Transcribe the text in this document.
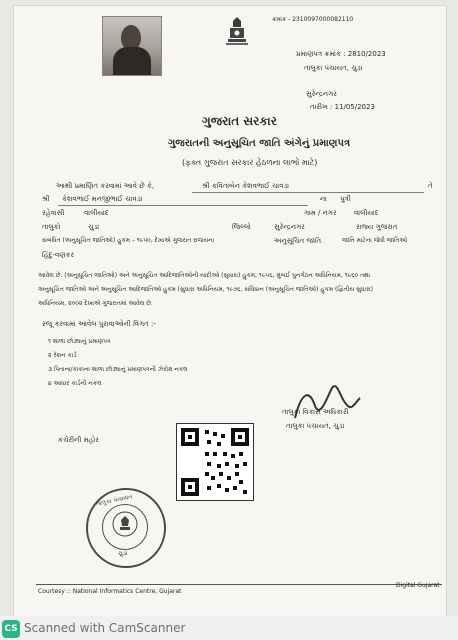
ક્રમાંક - 2310097000082110
પ્રમાણપત્ર ક્રમાંક : 2810/2023
તાલુકા પંચાયત, ચુડા
સુરેન્દ્રનગર
તારીખ : 11/05/2023
ગુજરાત સરકાર
ગુજરાતની અનુસૂચિત જાતિ અંગેનું પ્રમાણપત્ર
(ફક્ત ગુજરાત સરકાર હેઠળના લાભો માટે)
આથી પ્રમાણિત કરવામાં આવે છે કે,	શ્રી કવિતાબેન કેશવભાઈ ચાવડા	તે
શ્રી કેશવભાઈ મનજીભાઈ ચાવડા	ના પુત્રી
રહેવાસી	વાલીયાદ	ગામ / નગર વાલીયાદ
તાલુકો	ચુડા	જિલ્લો	સુરેન્દ્રનગર	રાજ્ય ગુજરાત
સંબંધિત (અનુસૂચિત જાતિઓ) હુકમ – ૧૯૫૦, દેખાએ ગુજરાત રાજયના	અનુસૂચિત જાતિ	જાતિ માટેના જેવી જાતિઓ
હિંદુ-વણકર
આવેલ છે. (અનુસૂચિત જાતિઓ) અને અનુસૂચિત આદિજાતિઓની યાદીઓ (સુધારા) હુકમ, ૧૯૫૬, મુંબઈ પુનર્ગઠન અધિનિયમ, ૧૯૬૦ તથા
અનુસૂચિત જાતિઓ અને અનુસૂચિત આદિજાતિઓ હુકમ (સુધારા અધિનિયમ, ૧૯૭૬, સંવિધાન (અનુસૂચિત જાતિઓ) હુકમ (દ્વિતીય સુધારા)
અધિનિયમ, ૨૦૦૨ દેખાએ ગુજરાતમાં આવેલ છે.
રજૂ કરવામાં આવેલ પુરાવાઓની વિગત :-
૧ શાળા છોડ્યાનું પ્રમાણપત્ર
૨ રેશન કાર્ડ
૩ પિતાના/કાકાના શાળા છોડ્યાનું પ્રમાણપત્રની ઝેરોક્ષ નકલ
૪ આધાર કાર્ડની નકલ
તાલુકા વિકાસ અધિકારી
તાલુકા પંચાયત, ચુડા
કચેરીની મહોર
તાલુકા પંચાયત
ચુડા
Courtesy :: National Informatics Centre, Gujarat
Digital Gujarat
CS Scanned with CamScanner
